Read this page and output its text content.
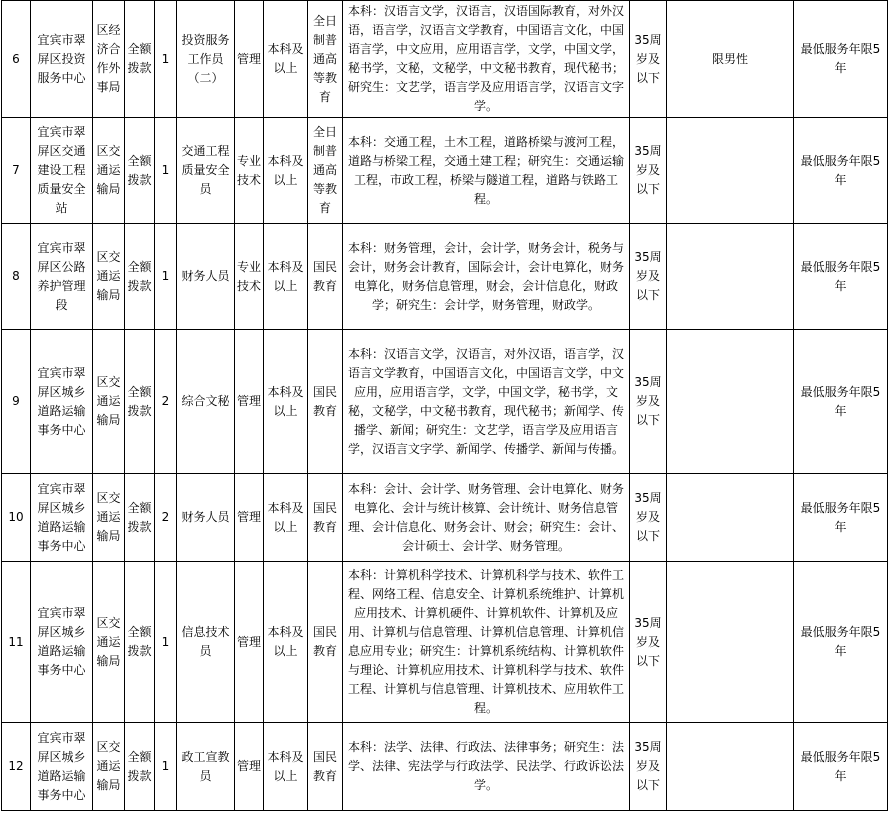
6	宜宾市翠屏区投资服务中心	区经济合作外事局	全额拨款	1	投资服务工作员（二）	管理	本科及以上	全日制普通高等教育	本科：汉语言文学，汉语言，汉语国际教育，对外汉语，语言学，汉语言文学教育，中国语言文化，中国语言学，中文应用，应用语言学，文学，中国文学，秘书学，文秘，文秘学，中文秘书教育，现代秘书；研究生：文艺学，语言学及应用语言学，汉语言文字学。	35周岁及以下	限男性	最低服务年限5年
7	宜宾市翠屏区交通建设工程质量安全站	区交通运输局	全额拨款	1	交通工程质量安全员	专业技术	本科及以上	全日制普通高等教育	本科：交通工程，土木工程，道路桥梁与渡河工程，道路与桥梁工程，交通土建工程；研究生：交通运输工程，市政工程，桥梁与隧道工程，道路与铁路工程。	35周岁及以下		最低服务年限5年
8	宜宾市翠屏区公路养护管理段	区交通运输局	全额拨款	1	财务人员	专业技术	本科及以上	国民教育	本科：财务管理，会计，会计学，财务会计，税务与会计，财务会计教育，国际会计，会计电算化，财务电算化，财务信息管理，财会，会计信息化，财政学；研究生：会计学，财务管理，财政学。	35周岁及以下		最低服务年限5年
9	宜宾市翠屏区城乡道路运输事务中心	区交通运输局	全额拨款	2	综合文秘	管理	本科及以上	国民教育	本科：汉语言文学，汉语言，对外汉语，语言学，汉语言文学教育，中国语言文化，中国语言文学，中文应用，应用语言学，文学，中国文学，秘书学，文秘，文秘学，中文秘书教育，现代秘书；新闻学、传播学、新闻；研究生：文艺学，语言学及应用语言学，汉语言文字学、新闻学、传播学、新闻与传播。	35周岁及以下		最低服务年限5年
10	宜宾市翠屏区城乡道路运输事务中心	区交通运输局	全额拨款	2	财务人员	管理	本科及以上	国民教育	本科：会计、会计学、财务管理、会计电算化、财务电算化、会计与统计核算、会计统计、财务信息管理、会计信息化、财务会计、财会；研究生：会计、会计硕士、会计学、财务管理。	35周岁及以下		最低服务年限5年
11	宜宾市翠屏区城乡道路运输事务中心	区交通运输局	全额拨款	1	信息技术员	管理	本科及以上	国民教育	本科：计算机科学技术、计算机科学与技术、软件工程、网络工程、信息安全、计算机系统维护、计算机应用技术、计算机硬件、计算机软件、计算机及应用、计算机与信息管理、计算机信息管理、计算机信息应用专业；研究生：计算机系统结构、计算机软件与理论、计算机应用技术、计算机科学与技术、软件工程、计算机与信息管理、计算机技术、应用软件工程。	35周岁及以下		最低服务年限5年
12	宜宾市翠屏区城乡道路运输事务中心	区交通运输局	全额拨款	1	政工宣教员	管理	本科及以上	国民教育	本科：法学、法律、行政法、法律事务；研究生：法学、法律、宪法学与行政法学、民法学、行政诉讼法学。	35周岁及以下		最低服务年限5年
